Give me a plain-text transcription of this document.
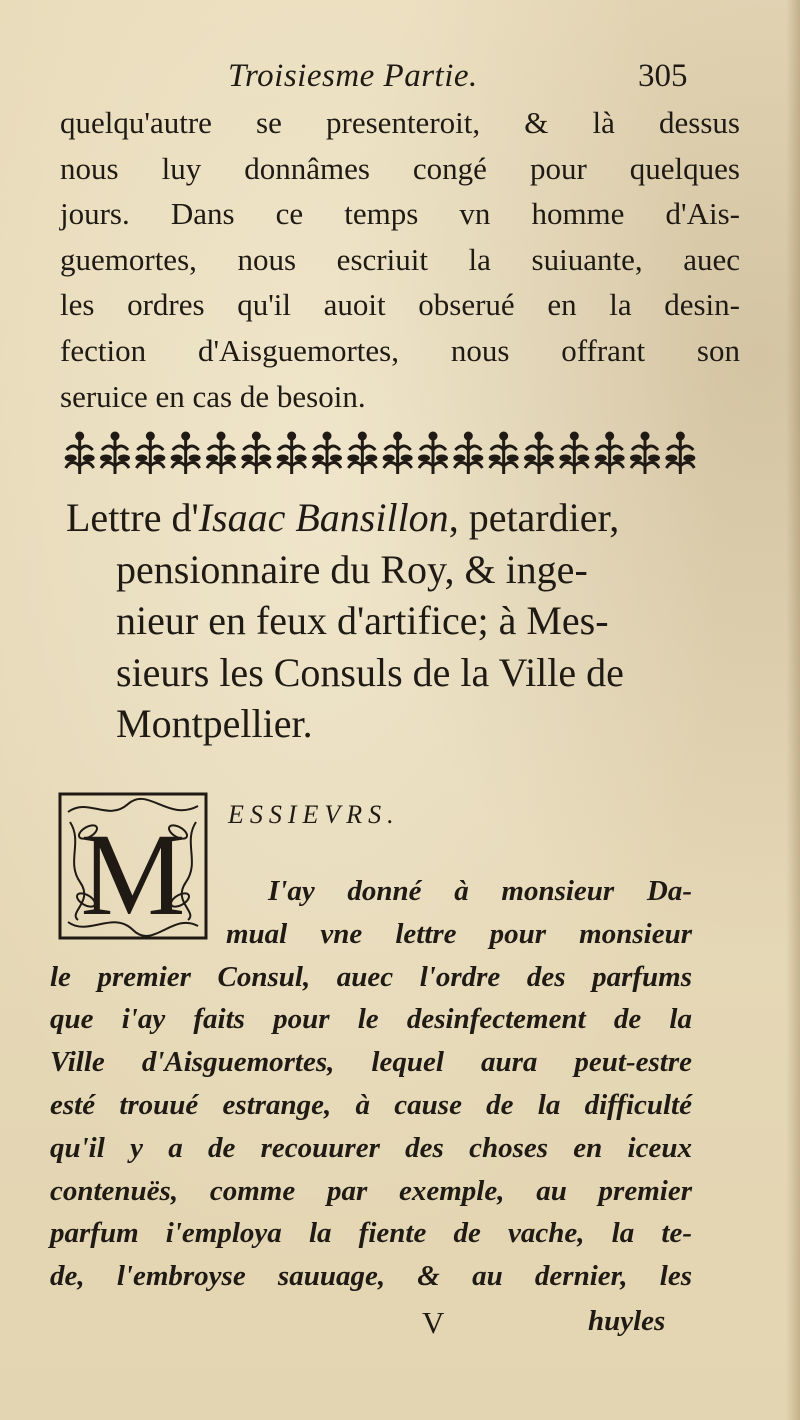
Troisiesme Partie.	305
quelqu'autre se presenteroit, & là dessus
nous luy donnâmes congé pour quelques
jours. Dans ce temps vn homme d'Ais-
guemortes, nous escriuit la suiuante, auec
les ordres qu'il auoit obserué en la desin-
fection d'Aisguemortes, nous offrant son
seruice en cas de besoin.
Lettre d'Isaac Bansillon, petardier,
pensionnaire du Roy, & inge-
nieur en feux d'artifice; à Mes-
sieurs les Consuls de la Ville de
Montpellier.
M ESSIEVRS.
I'ay donné à monsieur Da-
mual vne lettre pour monsieur
le premier Consul, auec l'ordre des parfums
que i'ay faits pour le desinfectement de la
Ville d'Aisguemortes, lequel aura peut-estre
esté trouué estrange, à cause de la difficulté
qu'il y a de recouurer des choses en iceux
contenuës, comme par exemple, au premier
parfum i'employa la fiente de vache, la te-
de, l'embroyse sauuage, & au dernier, les
V	huyles
